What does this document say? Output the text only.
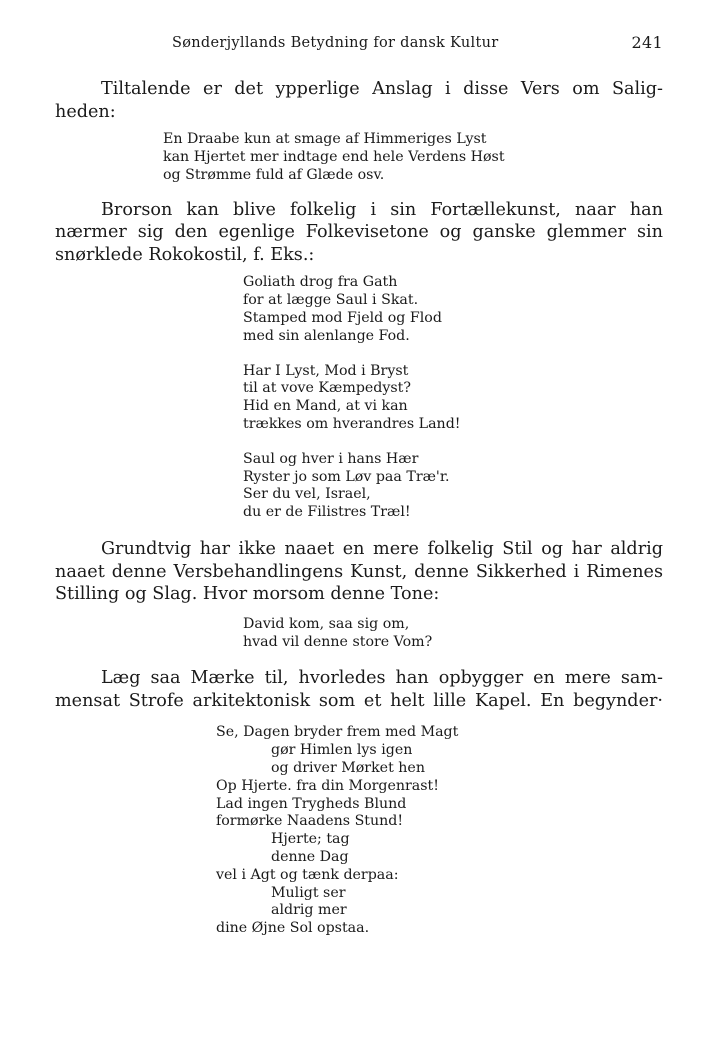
Sønderjyllands Betydning for dansk Kultur	241
Tiltalende er det ypperlige Anslag i disse Vers om Salig-
heden:
En Draabe kun at smage af Himmeriges Lyst
kan Hjertet mer indtage end hele Verdens Høst
og Strømme fuld af Glæde osv.
Brorson kan blive folkelig i sin Fortællekunst, naar han
nærmer sig den egenlige Folkevisetone og ganske glemmer sin
snørklede Rokokostil, f. Eks.:
Goliath drog fra Gath
for at lægge Saul i Skat.
Stamped mod Fjeld og Flod
med sin alenlange Fod.
Har I Lyst, Mod i Bryst
til at vove Kæmpedyst?
Hid en Mand, at vi kan
trækkes om hverandres Land!
Saul og hver i hans Hær
Ryster jo som Løv paa Træ'r.
Ser du vel, Israel,
du er de Filistres Træl!
Grundtvig har ikke naaet en mere folkelig Stil og har aldrig
naaet denne Versbehandlingens Kunst, denne Sikkerhed i Rimenes
Stilling og Slag. Hvor morsom denne Tone:
David kom, saa sig om,
hvad vil denne store Vom?
Læg saa Mærke til, hvorledes han opbygger en mere sam-
mensat Strofe arkitektonisk som et helt lille Kapel. En begynder·
Se, Dagen bryder frem med Magt
gør Himlen lys igen
og driver Mørket hen
Op Hjerte. fra din Morgenrast!
Lad ingen Trygheds Blund
formørke Naadens Stund!
Hjerte; tag
denne Dag
vel i Agt og tænk derpaa:
Muligt ser
aldrig mer
dine Øjne Sol opstaa.
